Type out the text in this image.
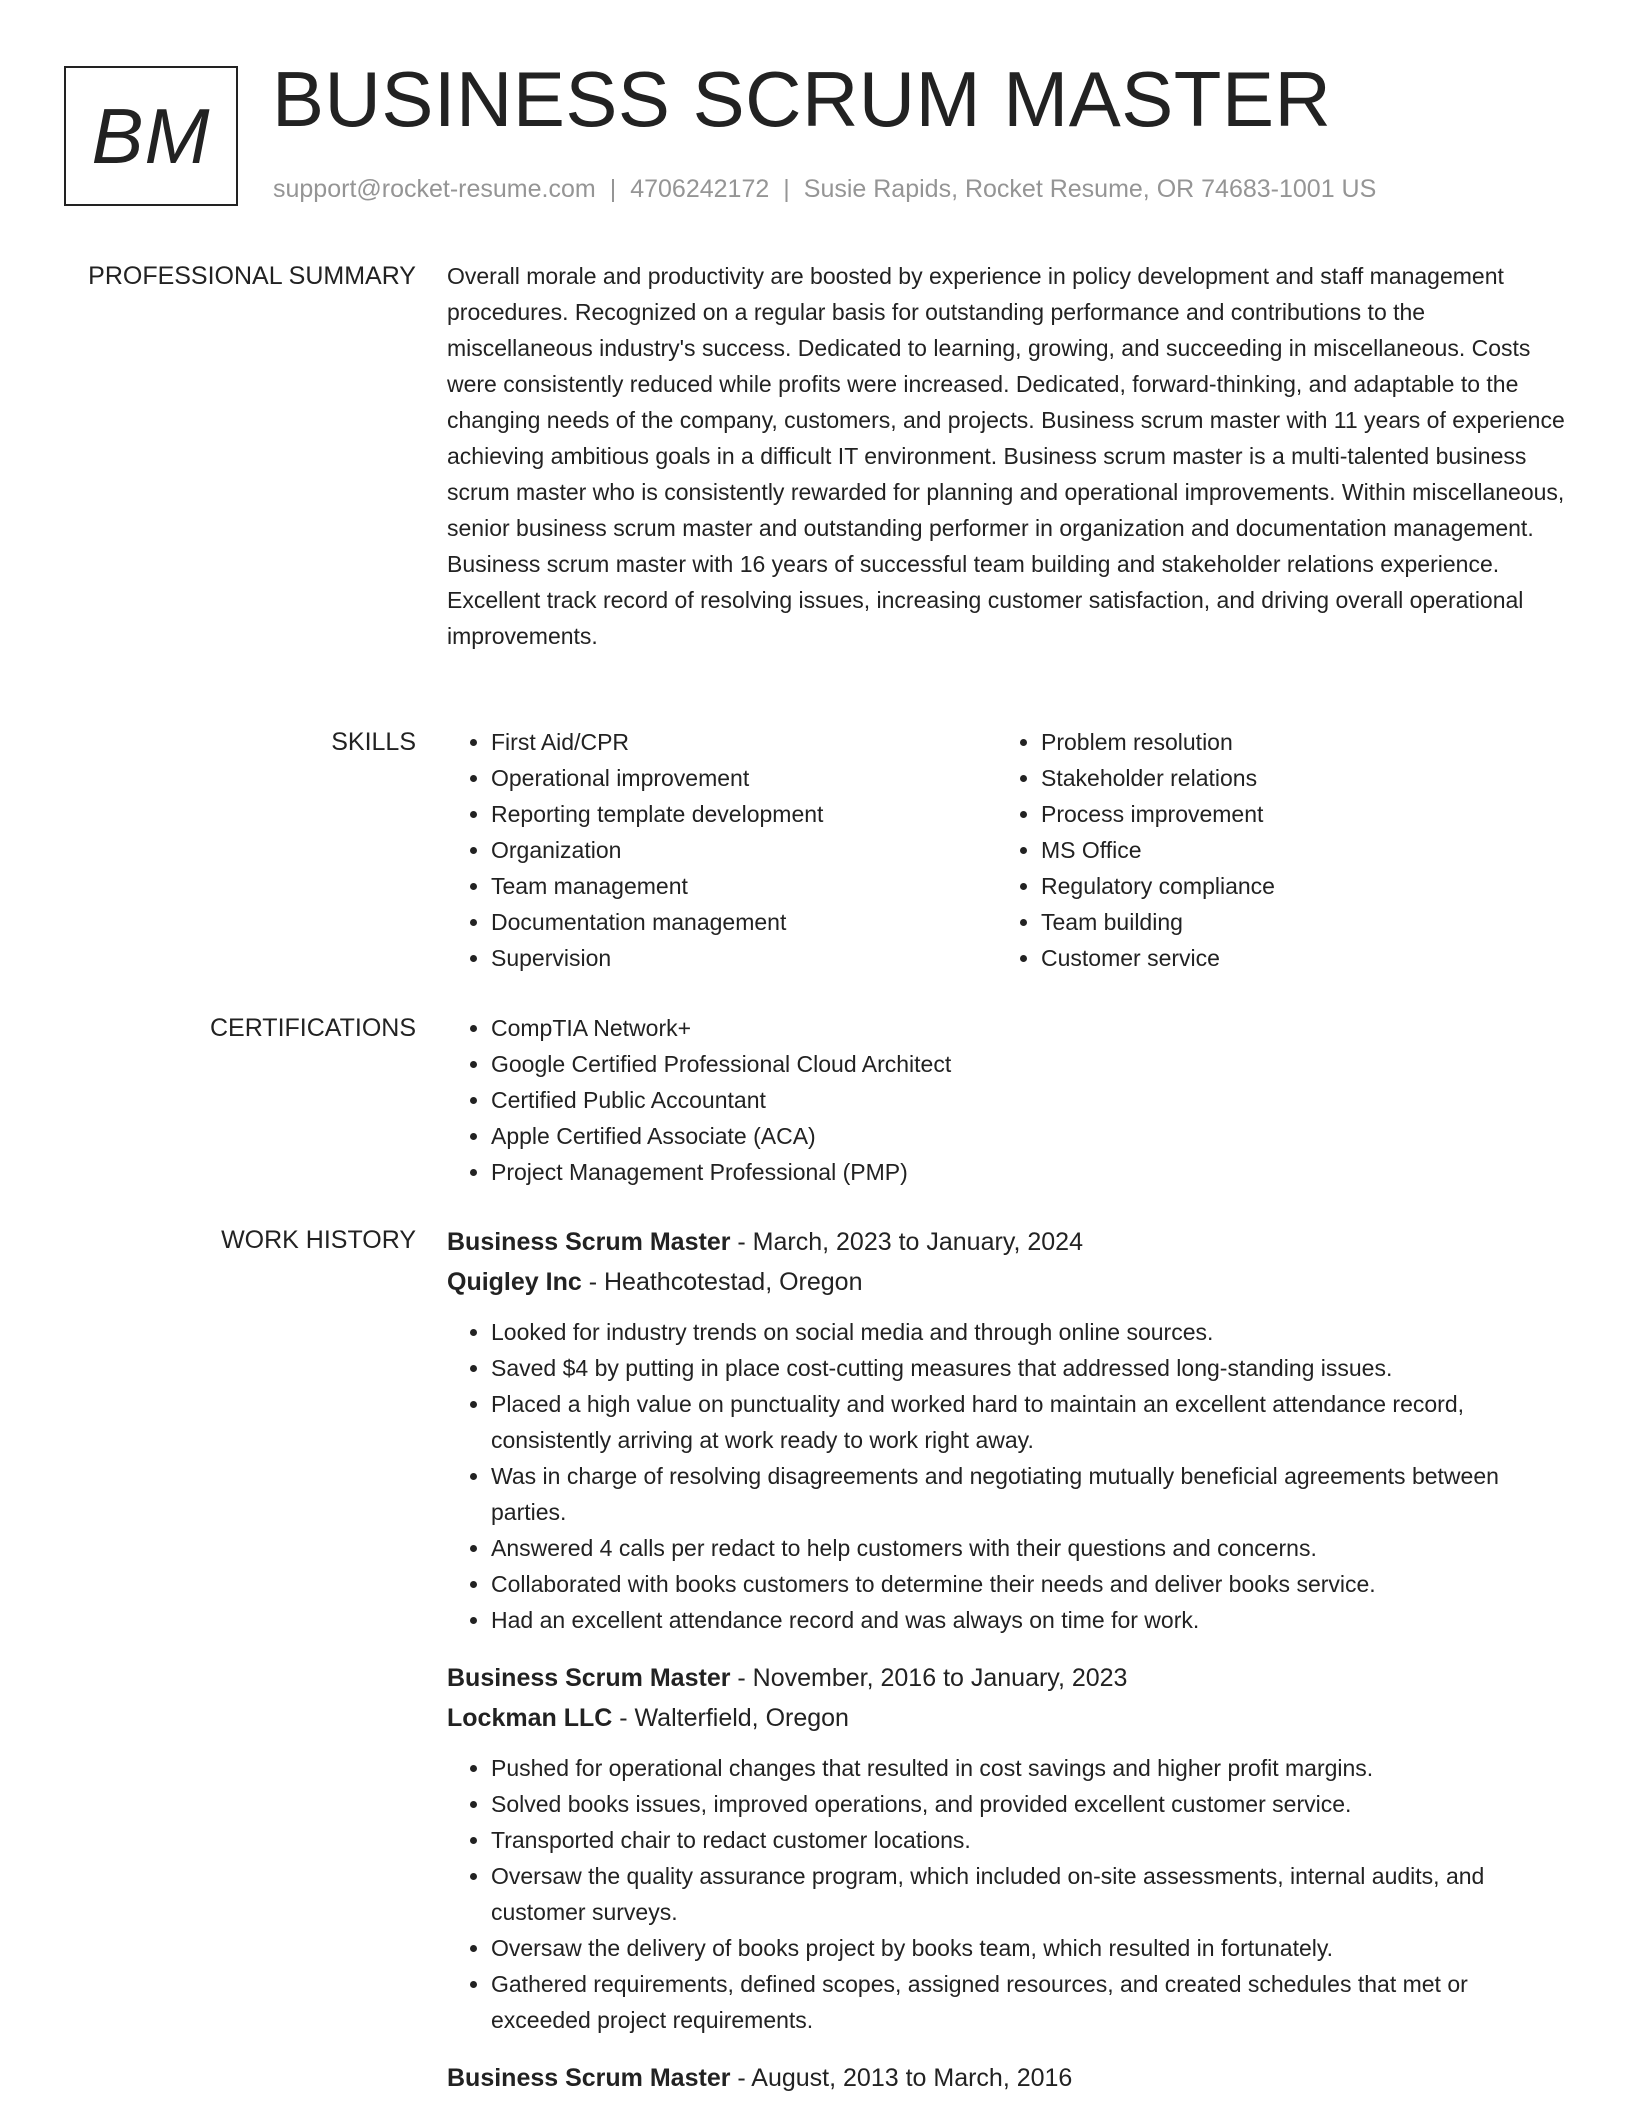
BM BUSINESS SCRUM MASTER
support@rocket-resume.com | 4706242172 | Susie Rapids, Rocket Resume, OR 74683-1001 US
PROFESSIONAL SUMMARY Overall morale and productivity are boosted by experience in policy development and staff management procedures. Recognized on a regular basis for outstanding performance and contributions to the miscellaneous industry's success. Dedicated to learning, growing, and succeeding in miscellaneous. Costs were consistently reduced while profits were increased. Dedicated, forward-thinking, and adaptable to the changing needs of the company, customers, and projects. Business scrum master with 11 years of experience achieving ambitious goals in a difficult IT environment. Business scrum master is a multi-talented business scrum master who is consistently rewarded for planning and operational improvements. Within miscellaneous, senior business scrum master and outstanding performer in organization and documentation management. Business scrum master with 16 years of successful team building and stakeholder relations experience. Excellent track record of resolving issues, increasing customer satisfaction, and driving overall operational improvements.

SKILLS	• First Aid/CPR
• Operational improvement
• Reporting template development
• Organization
• Team management
• Documentation management
• Supervision
• Problem resolution
• Stakeholder relations
• Process improvement
• MS Office
• Regulatory compliance
• Team building
• Customer service
CERTIFICATIONS	• CompTIA Network+
• Google Certified Professional Cloud Architect
• Certified Public Accountant
• Apple Certified Associate (ACA)
• Project Management Professional (PMP)
WORK HISTORY Business Scrum Master - March, 2023 to January, 2024
Quigley Inc - Heathcotestad, Oregon
• Looked for industry trends on social media and through online sources.
• Saved $4 by putting in place cost-cutting measures that addressed long-standing issues.
• Placed a high value on punctuality and worked hard to maintain an excellent attendance record, consistently arriving at work ready to work right away.
• Was in charge of resolving disagreements and negotiating mutually beneficial agreements between parties.
• Answered 4 calls per redact to help customers with their questions and concerns.
• Collaborated with books customers to determine their needs and deliver books service.
• Had an excellent attendance record and was always on time for work.
Business Scrum Master - November, 2016 to January, 2023
Lockman LLC - Walterfield, Oregon
• Pushed for operational changes that resulted in cost savings and higher profit margins.
• Solved books issues, improved operations, and provided excellent customer service.
• Transported chair to redact customer locations.
• Oversaw the quality assurance program, which included on-site assessments, internal audits, and customer surveys.
• Oversaw the delivery of books project by books team, which resulted in fortunately.
• Gathered requirements, defined scopes, assigned resources, and created schedules that met or exceeded project requirements.
Business Scrum Master - August, 2013 to March, 2016
